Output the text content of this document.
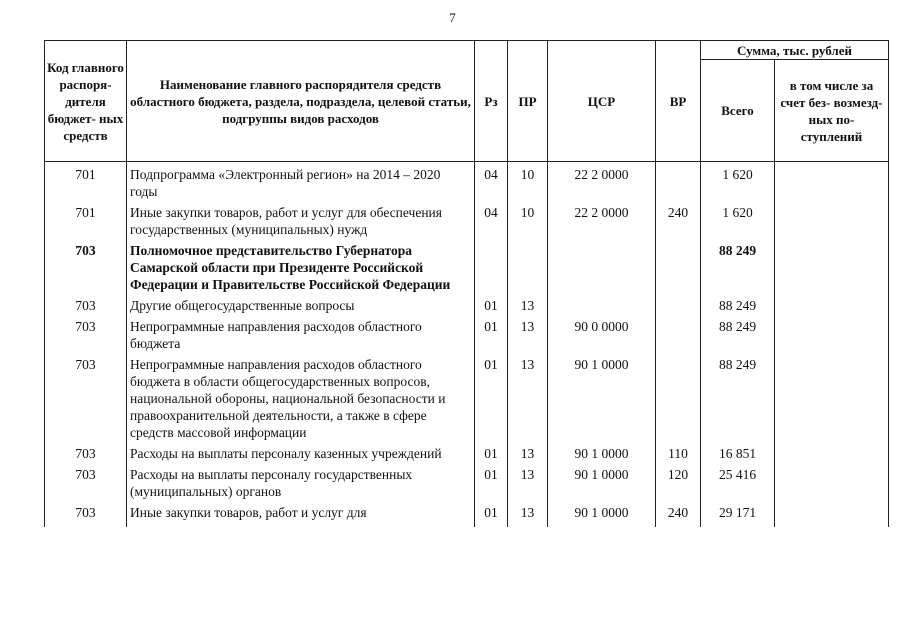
7
Код главного распоря- дителя бюджет- ных средств	Наименование главного распорядителя средств областного бюджета, раздела, подраздела, целевой статьи, подгруппы видов расходов	Рз	ПР	ЦСР	ВР	Сумма, тыс. рублей	
						Всего	в том числе за счет без- возмезд- ных по- ступлений
701	Подпрограмма «Электронный регион» на 2014 – 2020 годы	04	10	22 2 0000		1 620	
701	Иные закупки товаров, работ и услуг для обеспечения государственных (муниципальных) нужд	04	10	22 2 0000	240	1 620	
703	Полномочное представительство Губернатора Самарской области при Президенте Российской Федерации и Правительстве Российской Федерации					88 249	
703	Другие общегосударственные вопросы	01	13			88 249	
703	Непрограммные направления расходов областного бюджета	01	13	90 0 0000		88 249	
703	Непрограммные направления расходов областного бюджета в области общегосударственных вопросов, национальной обороны, национальной безопасности и правоохранительной деятельности, а также в сфере средств массовой информации	01	13	90 1 0000		88 249	
703	Расходы на выплаты персоналу казенных учреждений	01	13	90 1 0000	110	16 851	
703	Расходы на выплаты персоналу государственных (муниципальных) органов	01	13	90 1 0000	120	25 416	
703	Иные закупки товаров, работ и услуг для	01	13	90 1 0000	240	29 171	
